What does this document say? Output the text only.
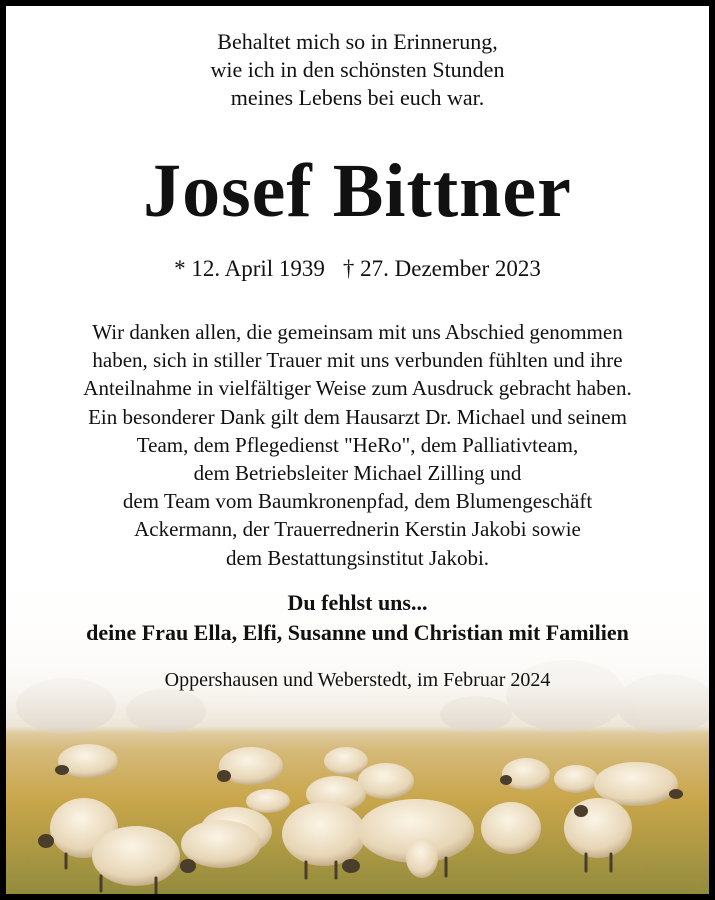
Behaltet mich so in Erinnerung,
wie ich in den schönsten Stunden
meines Lebens bei euch war.
Josef Bittner
* 12. April 1939 † 27. Dezember 2023
Wir danken allen, die gemeinsam mit uns Abschied genommen
haben, sich in stiller Trauer mit uns verbunden fühlten und ihre
Anteilnahme in vielfältiger Weise zum Ausdruck gebracht haben.
Ein besonderer Dank gilt dem Hausarzt Dr. Michael und seinem
Team, dem Pflegedienst "HeRo", dem Palliativteam,
dem Betriebsleiter Michael Zilling und
dem Team vom Baumkronenpfad, dem Blumengeschäft
Ackermann, der Trauerrednerin Kerstin Jakobi sowie
dem Bestattungsinstitut Jakobi.
Du fehlst uns...
deine Frau Ella, Elfi, Susanne und Christian mit Familien
Oppershausen und Weberstedt, im Februar 2024
